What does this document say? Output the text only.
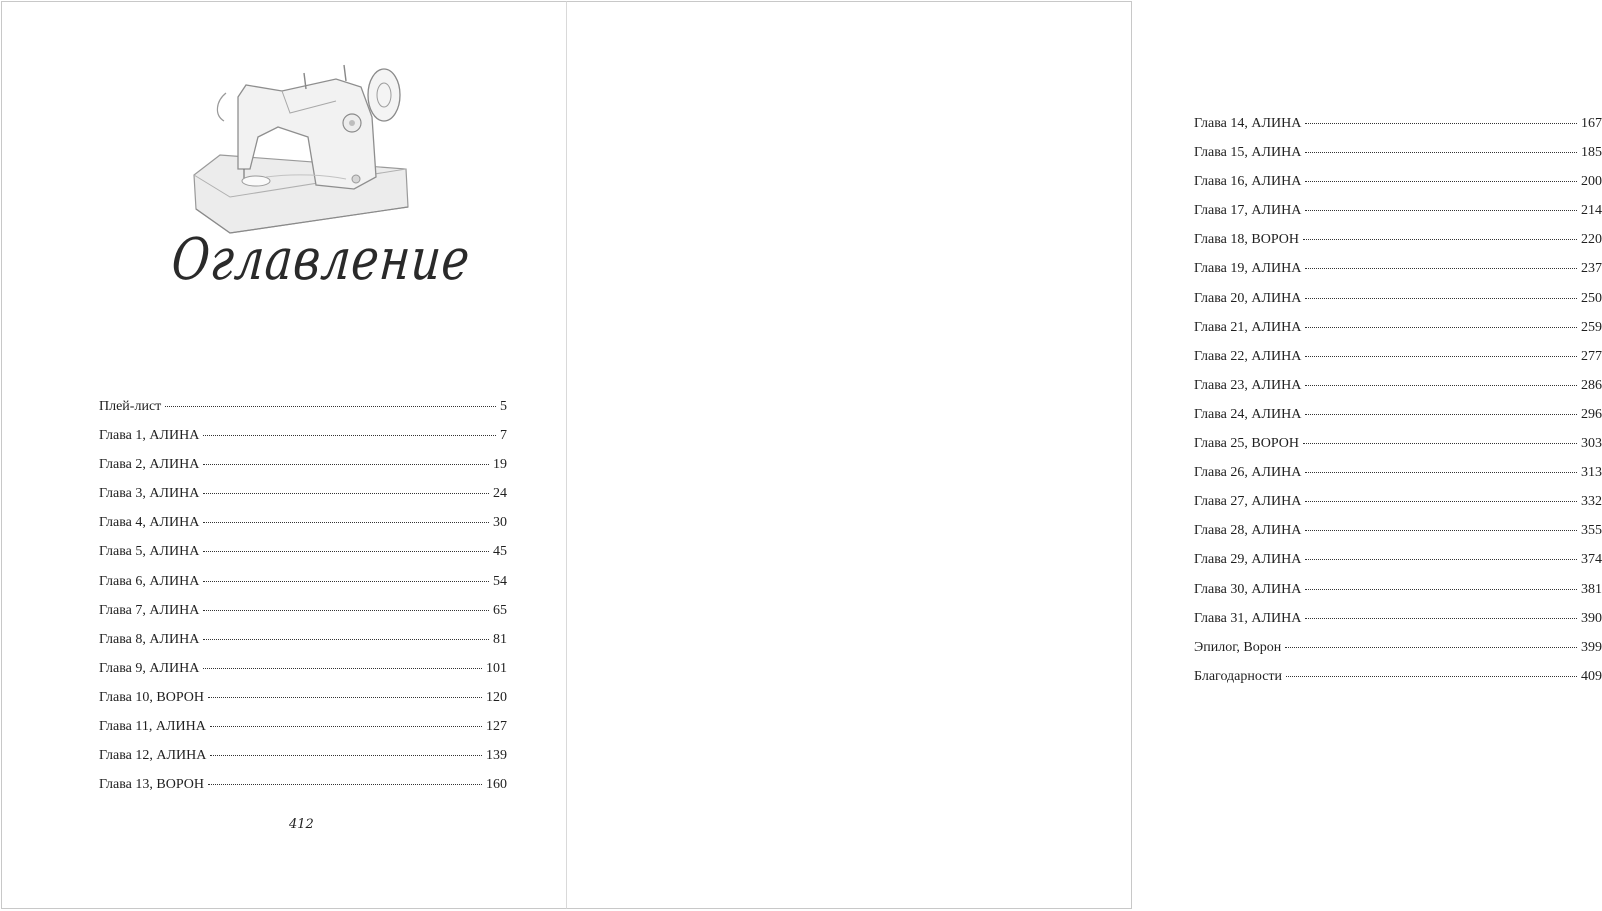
Оглавление
Плей-лист	5
Глава 1, АЛИНА	7
Глава 2, АЛИНА	19
Глава 3, АЛИНА	24
Глава 4, АЛИНА	30
Глава 5, АЛИНА	45
Глава 6, АЛИНА	54
Глава 7, АЛИНА	65
Глава 8, АЛИНА	81
Глава 9, АЛИНА	101
Глава 10, ВОРОН	120
Глава 11, АЛИНА	127
Глава 12, АЛИНА	139
Глава 13, ВОРОН	160
412
Глава 14, АЛИНА	167
Глава 15, АЛИНА	185
Глава 16, АЛИНА	200
Глава 17, АЛИНА	214
Глава 18, ВОРОН	220
Глава 19, АЛИНА	237
Глава 20, АЛИНА	250
Глава 21, АЛИНА	259
Глава 22, АЛИНА	277
Глава 23, АЛИНА	286
Глава 24, АЛИНА	296
Глава 25, ВОРОН	303
Глава 26, АЛИНА	313
Глава 27, АЛИНА	332
Глава 28, АЛИНА	355
Глава 29, АЛИНА	374
Глава 30, АЛИНА	381
Глава 31, АЛИНА	390
Эпилог, Ворон	399
Благодарности	409
